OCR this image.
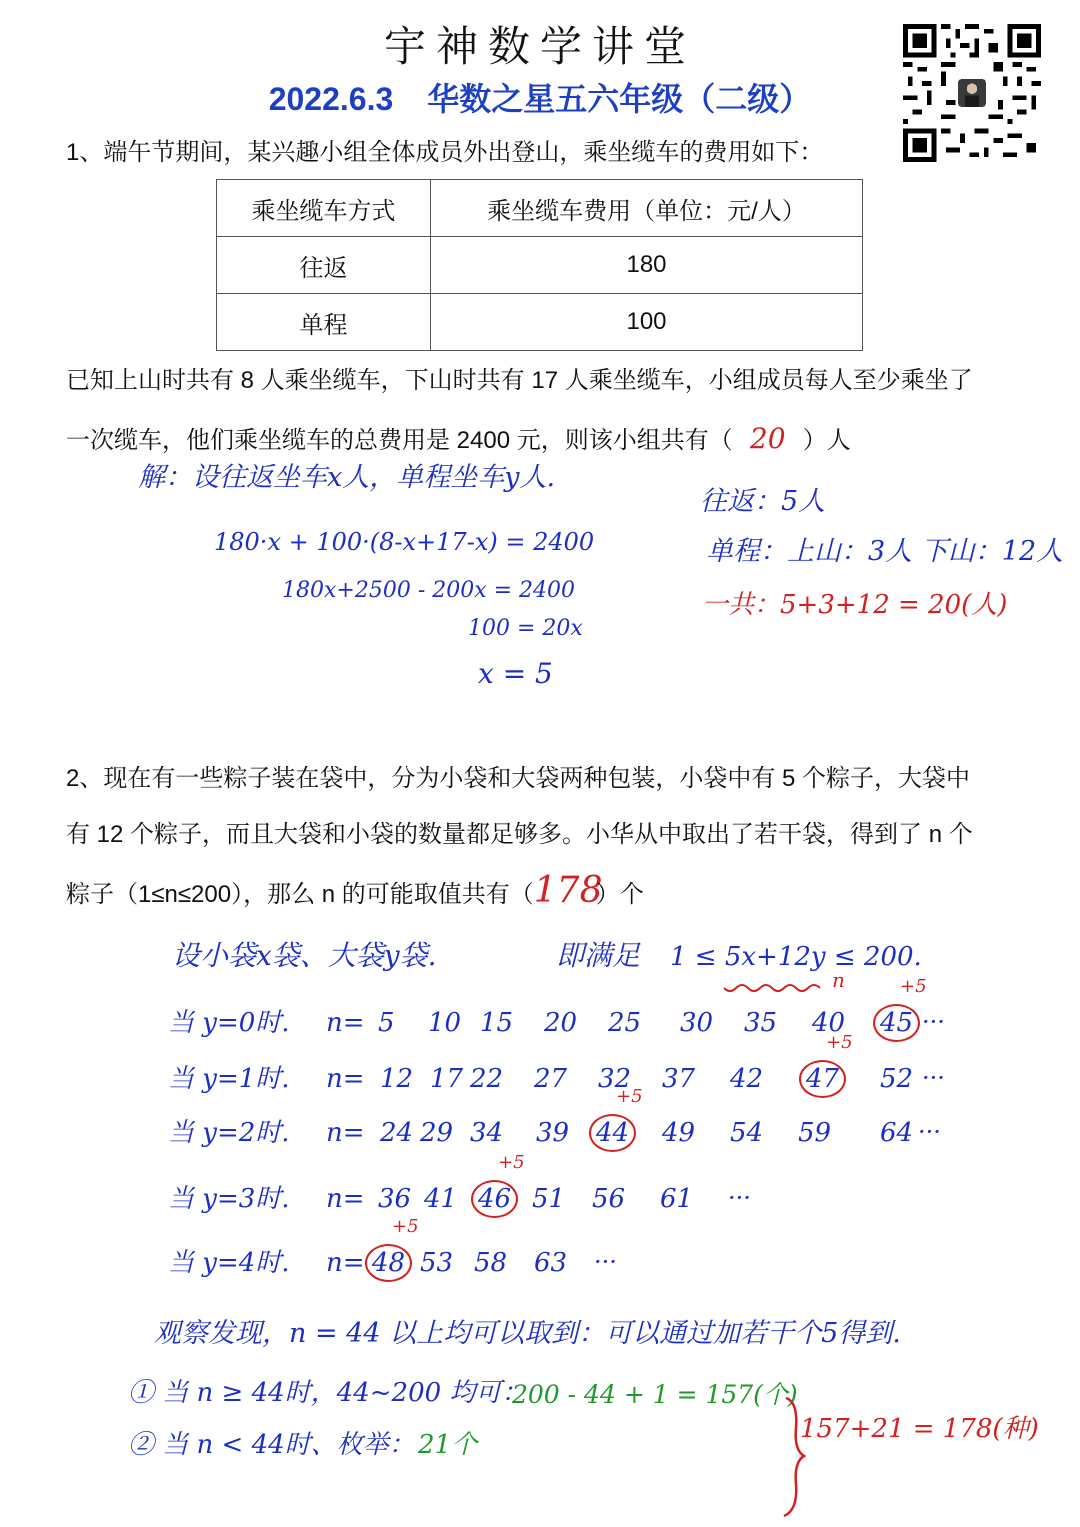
宇神数学讲堂
2022.6.3 华数之星五六年级（二级）
1、端午节期间，某兴趣小组全体成员外出登山，乘坐缆车的费用如下：
乘坐缆车方式	乘坐缆车费用（单位：元/人）
往返	180
单程	100
已知上山时共有 8 人乘坐缆车，下山时共有 17 人乘坐缆车，小组成员每人至少乘坐了
一次缆车，他们乘坐缆车的总费用是 2400 元，则该小组共有（ 20 ）人
解：设往返坐车x人，单程坐车y人.
180·x + 100·(8-x+17-x) = 2400
180x+2500 - 200x = 2400
100 = 20x
x = 5
往返：5人
单程：上山：3人 下山：12人
一共：5+3+12 = 20(人)
2、现在有一些粽子装在袋中，分为小袋和大袋两种包装，小袋中有 5 个粽子，大袋中
有 12 个粽子，而且大袋和小袋的数量都足够多。小华从中取出了若干袋，得到了 n 个
粽子（1≤n≤200），那么 n 的可能取值共有（178）个
设小袋x袋、大袋y袋.	即满足 1 ≤ 5x+12y ≤ 200.
n
当 y=0时. n= 5 10 15 20 25 30 35 40 45
+5
···
当 y=1时. n= 12 17 22 27 32 37 42 47
+5
52 ···
当 y=2时. n= 24 29 34 39 44
+5
49 54 59 64 ···
当 y=3时. n= 36 41 46
+5
51 56 61 ···
当 y=4时. n= 48
+5
53 58 63 ···
观察发现，n = 44 以上均可以取到：可以通过加若干个5得到.
① 当 n ≥ 44时，44~200 均可：
200 - 44 + 1 = 157(个)
② 当 n < 44时、枚举： 21个
157+21 = 178(种)
